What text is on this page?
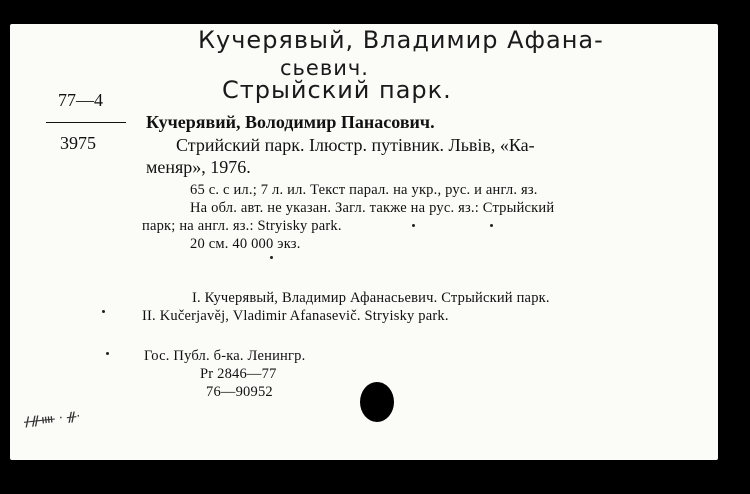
Кучерявый, Владимир Афана-
сьевич.
Стрыйский парк.
77—4
3975
Кучерявий, Володимир Панасович.
Стрийский парк. Ілюстр. путівник. Львів, «Ка-
меняр», 1976.
65 с. с ил.; 7 л. ил. Текст парал. на укр., рус. и англ. яз.
На обл. авт. не указан. Загл. также на рус. яз.: Стрыйский
парк; на англ. яз.: Stryisky park.
20 см. 40 000 экз.
I. Кучерявый, Владимир Афанасьевич. Стрыйский парк.
II. Kučerjavěj, Vladimir Afanasevič. Stryisky park.
Гос. Публ. б-ка. Ленингр.
Pr 2846—77
76—90952
ᚋᚌᚓ · ᚌ·
